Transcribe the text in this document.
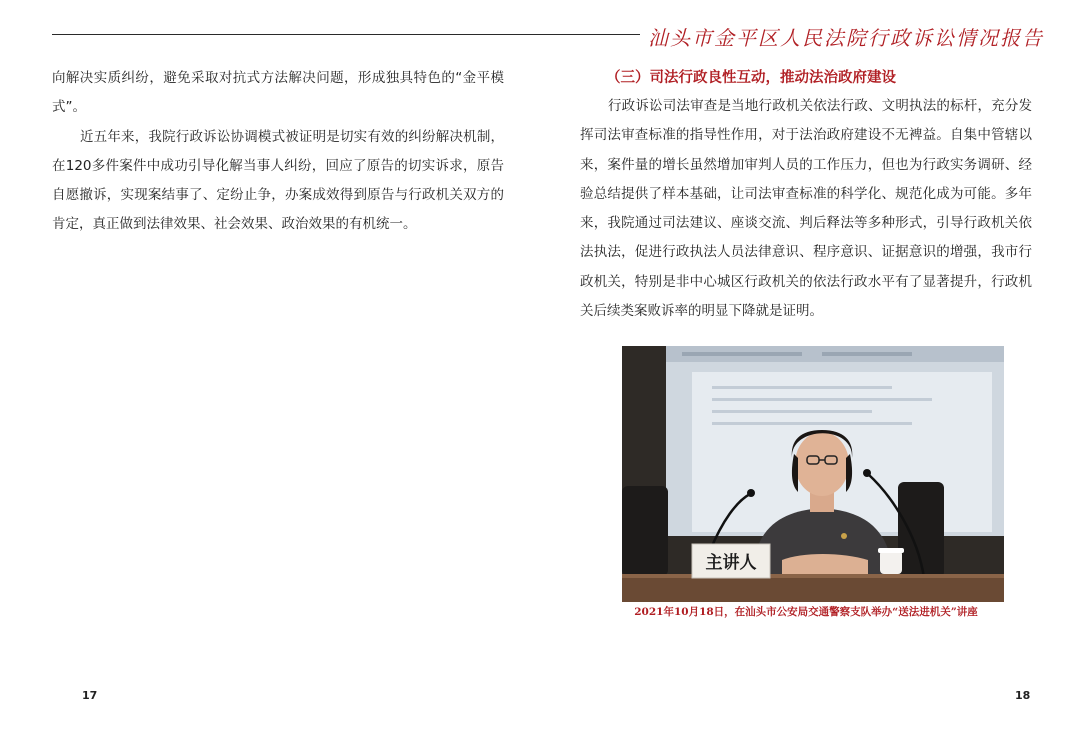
汕头市金平区人民法院行政诉讼情况报告

向解决实质纠纷，避免采取对抗式方法解决问题，形成独具特色的“金平模式”。

近五年来，我院行政诉讼协调模式被证明是切实有效的纠纷解决机制，在120多件案件中成功引导化解当事人纠纷，回应了原告的切实诉求，原告自愿撤诉，实现案结事了、定纷止争，办案成效得到原告与行政机关双方的肯定，真正做到法律效果、社会效果、政治效果的有机统一。

（三）司法行政良性互动，推动法治政府建设

行政诉讼司法审查是当地行政机关依法行政、文明执法的标杆，充分发挥司法审查标准的指导性作用，对于法治政府建设不无裨益。自集中管辖以来，案件量的增长虽然增加审判人员的工作压力，但也为行政实务调研、经验总结提供了样本基础，让司法审查标准的科学化、规范化成为可能。多年来，我院通过司法建议、座谈交流、判后释法等多种形式，引导行政机关依法执法，促进行政执法人员法律意识、程序意识、证据意识的增强，我市行政机关，特别是非中心城区行政机关的依法行政水平有了显著提升，行政机关后续类案败诉率的明显下降就是证明。

主讲人
2021年10月18日，在汕头市公安局交通警察支队举办“送法进机关”讲座
17	18
